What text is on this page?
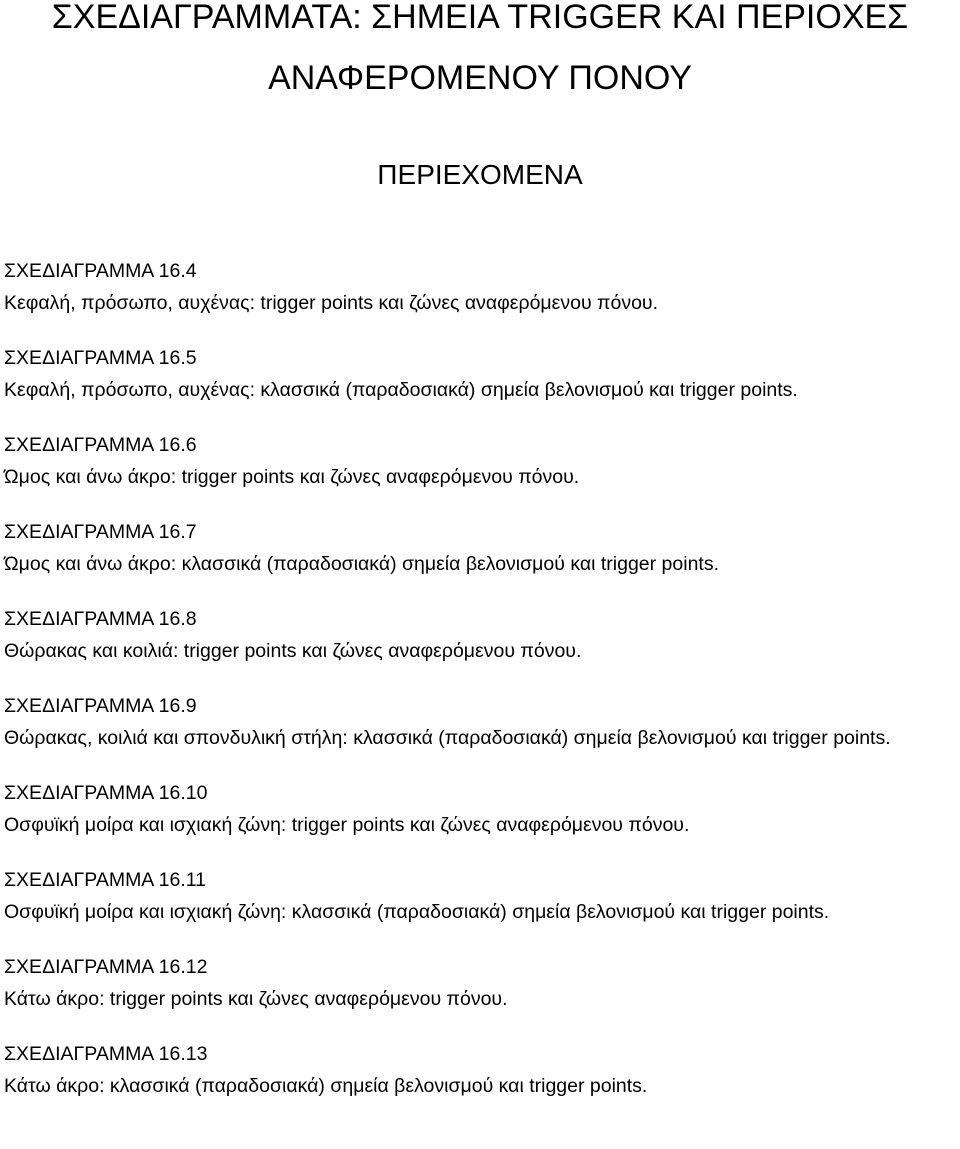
ΣΧΕΔΙΑΓΡΑΜΜΑΤΑ: ΣΗΜΕΙΑ TRIGGER ΚΑΙ ΠΕΡΙΟΧΕΣ
ΑΝΑΦΕΡΟΜΕΝΟΥ ΠΟΝΟΥ
ΠΕΡΙΕΧΟΜΕΝΑ
ΣΧΕΔΙΑΓΡΑΜΜΑ 16.4
Κεφαλή, πρόσωπο, αυχένας: trigger points και ζώνες αναφερόμενου πόνου.
ΣΧΕΔΙΑΓΡΑΜΜΑ 16.5
Κεφαλή, πρόσωπο, αυχένας: κλασσικά (παραδοσιακά) σημεία βελονισμού και trigger points.
ΣΧΕΔΙΑΓΡΑΜΜΑ 16.6
Ώμος και άνω άκρο: trigger points και ζώνες αναφερόμενου πόνου.
ΣΧΕΔΙΑΓΡΑΜΜΑ 16.7
Ώμος και άνω άκρο: κλασσικά (παραδοσιακά) σημεία βελονισμού και trigger points.
ΣΧΕΔΙΑΓΡΑΜΜΑ 16.8
Θώρακας και κοιλιά: trigger points και ζώνες αναφερόμενου πόνου.
ΣΧΕΔΙΑΓΡΑΜΜΑ 16.9
Θώρακας, κοιλιά και σπονδυλική στήλη: κλασσικά (παραδοσιακά) σημεία βελονισμού και trigger points.
ΣΧΕΔΙΑΓΡΑΜΜΑ 16.10
Οσφυϊκή μοίρα και ισχιακή ζώνη: trigger points και ζώνες αναφερόμενου πόνου.
ΣΧΕΔΙΑΓΡΑΜΜΑ 16.11
Οσφυϊκή μοίρα και ισχιακή ζώνη: κλασσικά (παραδοσιακά) σημεία βελονισμού και trigger points.
ΣΧΕΔΙΑΓΡΑΜΜΑ 16.12
Κάτω άκρο: trigger points και ζώνες αναφερόμενου πόνου.
ΣΧΕΔΙΑΓΡΑΜΜΑ 16.13
Κάτω άκρο: κλασσικά (παραδοσιακά) σημεία βελονισμού και trigger points.
